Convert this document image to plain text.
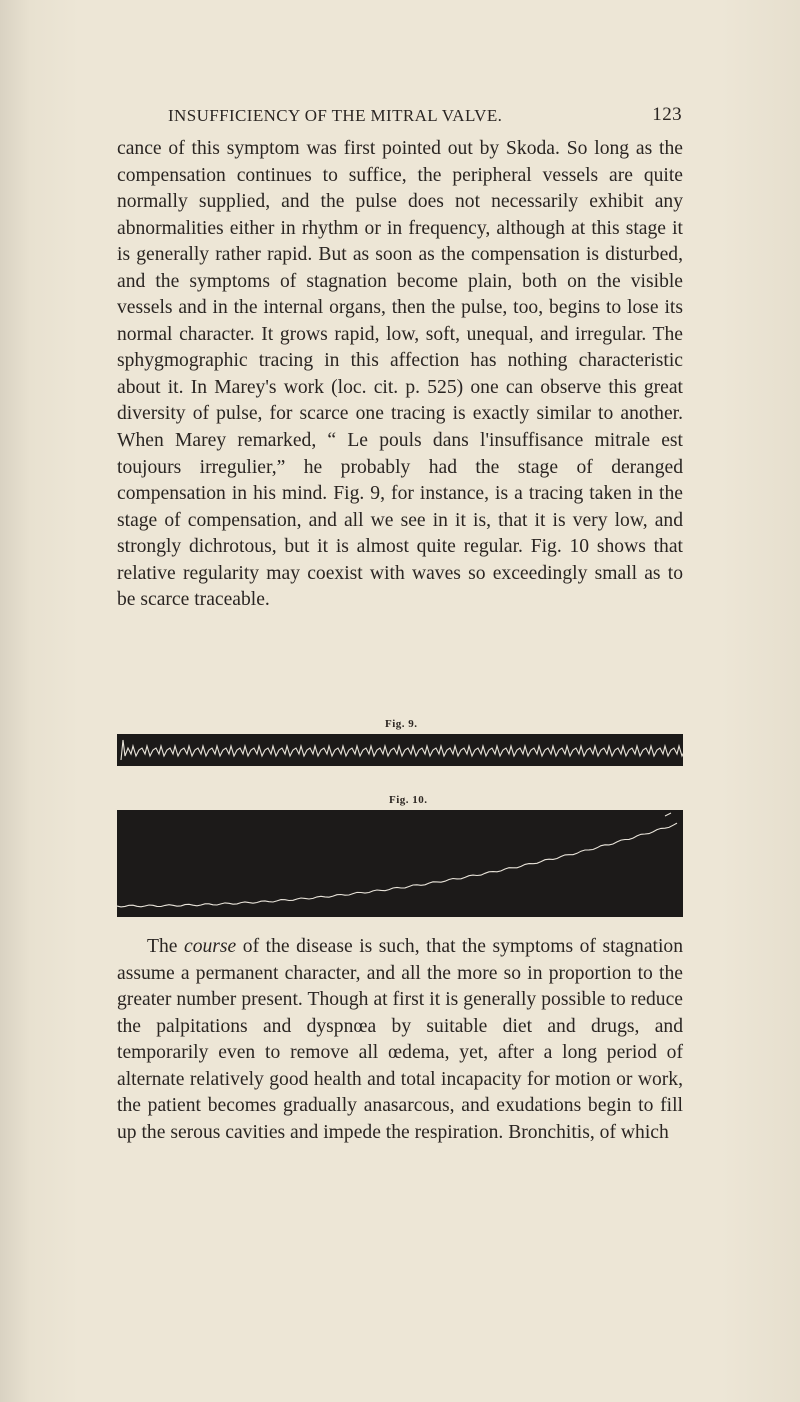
INSUFFICIENCY OF THE MITRAL VALVE.	123
cance of this symptom was first pointed out by Skoda. So long as the compensation continues to suffice, the peripheral vessels are quite normally supplied, and the pulse does not necessarily exhibit any abnormalities either in rhythm or in frequency, although at this stage it is generally rather rapid. But as soon as the compensation is disturbed, and the symptoms of stagnation become plain, both on the visible vessels and in the internal organs, then the pulse, too, begins to lose its normal character. It grows rapid, low, soft, unequal, and irregular. The sphygmographic tracing in this affection has nothing characteristic about it. In Marey's work (loc. cit. p. 525) one can observe this great diversity of pulse, for scarce one tracing is exactly similar to another. When Marey remarked, “ Le pouls dans l'insuffisance mitrale est toujours irregulier,” he probably had the stage of deranged compensation in his mind. Fig. 9, for instance, is a tracing taken in the stage of compensation, and all we see in it is, that it is very low, and strongly dichrotous, but it is almost quite regular. Fig. 10 shows that relative regularity may coexist with waves so exceedingly small as to be scarce traceable.
Fig. 9.
Fig. 10.
The course of the disease is such, that the symptoms of stagnation assume a permanent character, and all the more so in proportion to the greater number present. Though at first it is generally possible to reduce the palpitations and dyspnœa by suitable diet and drugs, and temporarily even to remove all œdema, yet, after a long period of alternate relatively good health and total incapacity for motion or work, the patient becomes gradually anasarcous, and exudations begin to fill up the serous cavities and impede the respiration. Bronchitis, of which
